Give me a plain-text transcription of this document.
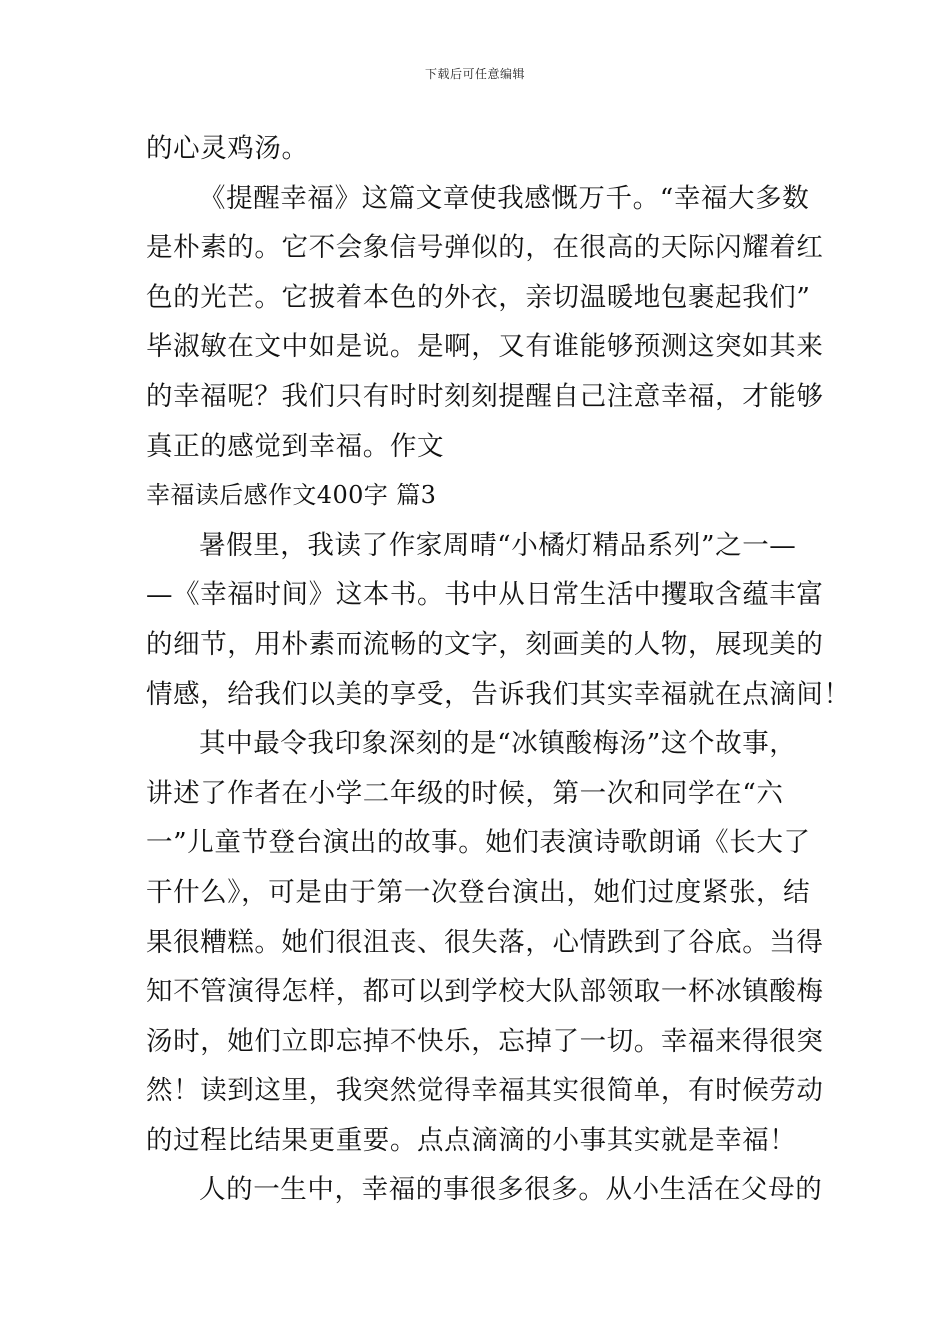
下载后可任意编辑
的心灵鸡汤。
《提醒幸福》这篇文章使我感慨万千。“幸福大多数
是朴素的。它不会象信号弹似的，在很高的天际闪耀着红
色的光芒。它披着本色的外衣，亲切温暖地包裹起我们”
毕淑敏在文中如是说。是啊，又有谁能够预测这突如其来
的幸福呢？我们只有时时刻刻提醒自己注意幸福，才能够
真正的感觉到幸福。作文
幸福读后感作文400字 篇3
暑假里，我读了作家周晴“小橘灯精品系列”之一—
—《幸福时间》这本书。书中从日常生活中攫取含蕴丰富
的细节，用朴素而流畅的文字，刻画美的人物，展现美的
情感，给我们以美的享受，告诉我们其实幸福就在点滴间！
其中最令我印象深刻的是“冰镇酸梅汤”这个故事，
讲述了作者在小学二年级的时候，第一次和同学在“六
一”儿童节登台演出的故事。她们表演诗歌朗诵《长大了
干什么》，可是由于第一次登台演出，她们过度紧张，结
果很糟糕。她们很沮丧、很失落，心情跌到了谷底。当得
知不管演得怎样，都可以到学校大队部领取一杯冰镇酸梅
汤时，她们立即忘掉不快乐，忘掉了一切。幸福来得很突
然！读到这里，我突然觉得幸福其实很简单，有时候劳动
的过程比结果更重要。点点滴滴的小事其实就是幸福！
人的一生中，幸福的事很多很多。从小生活在父母的
